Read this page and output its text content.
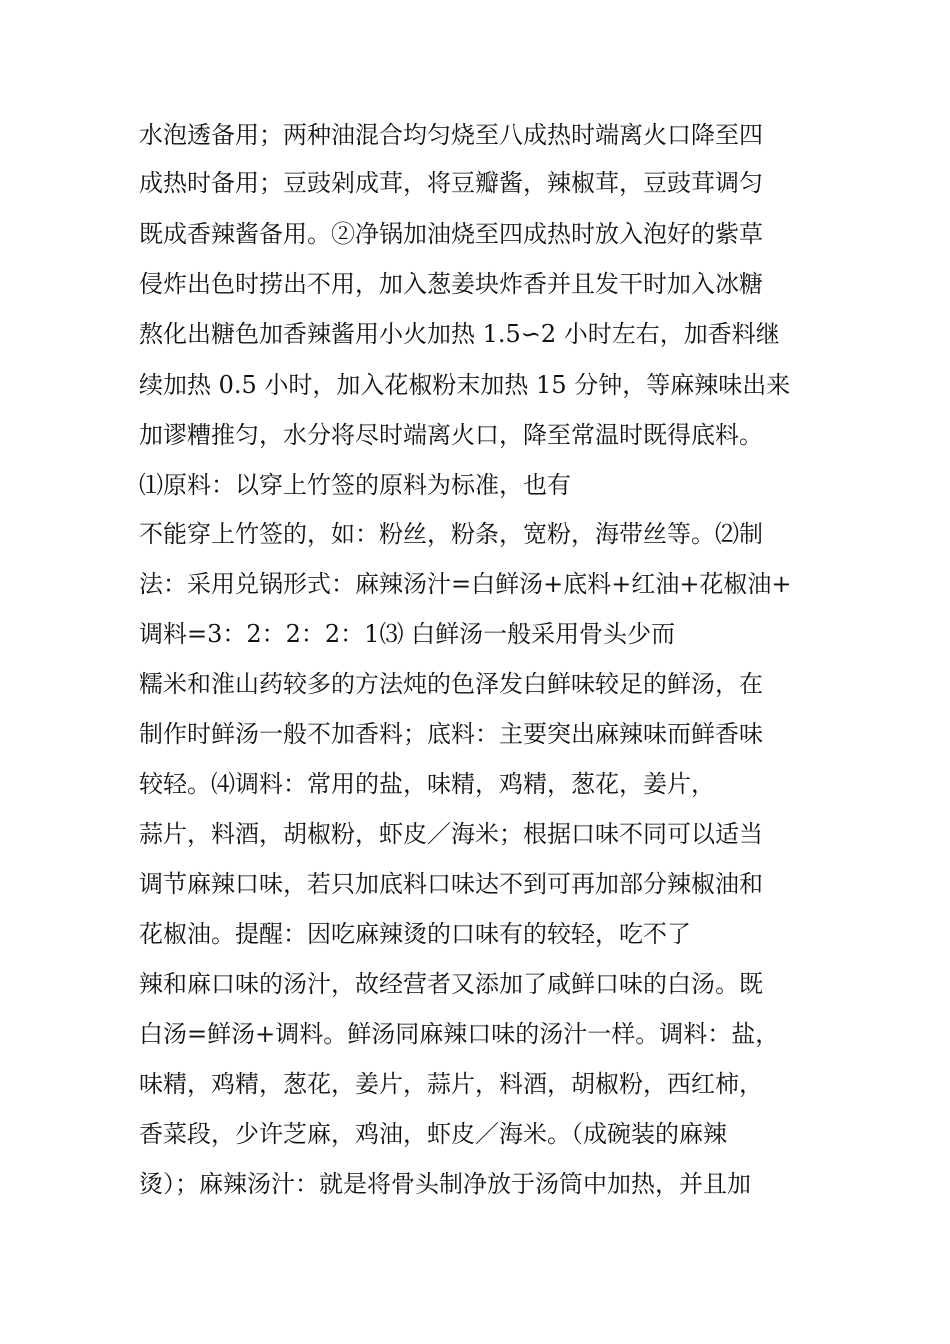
水泡透备用；两种油混合均匀烧至八成热时端离火口降至四
成热时备用；豆豉剁成茸，将豆瓣酱，辣椒茸，豆豉茸调匀
既成香辣酱备用。②净锅加油烧至四成热时放入泡好的紫草
侵炸出色时捞出不用，加入葱姜块炸香并且发干时加入冰糖
熬化出糖色加香辣酱用小火加热 1.5∽2 小时左右，加香料继
续加热 0.5 小时，加入花椒粉末加热 15 分钟，等麻辣味出来
加谬糟推匀，水分将尽时端离火口，降至常温时既得底料。
⑴原料：以穿上竹签的原料为标准，也有
不能穿上竹签的，如：粉丝，粉条，宽粉，海带丝等。⑵制
法：采用兑锅形式：麻辣汤汁=白鲜汤+底料+红油+花椒油+
调料=3：2：2：2：1⑶ 白鲜汤一般采用骨头少而
糯米和淮山药较多的方法炖的色泽发白鲜味较足的鲜汤，在
制作时鲜汤一般不加香料；底料：主要突出麻辣味而鲜香味
较轻。⑷调料：常用的盐，味精，鸡精，葱花，姜片，
蒜片，料酒，胡椒粉，虾皮／海米；根据口味不同可以适当
调节麻辣口味，若只加底料口味达不到可再加部分辣椒油和
花椒油。提醒：因吃麻辣烫的口味有的较轻，吃不了
辣和麻口味的汤汁，故经营者又添加了咸鲜口味的白汤。既
白汤=鲜汤+调料。鲜汤同麻辣口味的汤汁一样。调料：盐，
味精，鸡精，葱花，姜片，蒜片，料酒，胡椒粉，西红柿，
香菜段，少许芝麻，鸡油，虾皮／海米。（成碗装的麻辣
烫）；麻辣汤汁：就是将骨头制净放于汤筒中加热，并且加
